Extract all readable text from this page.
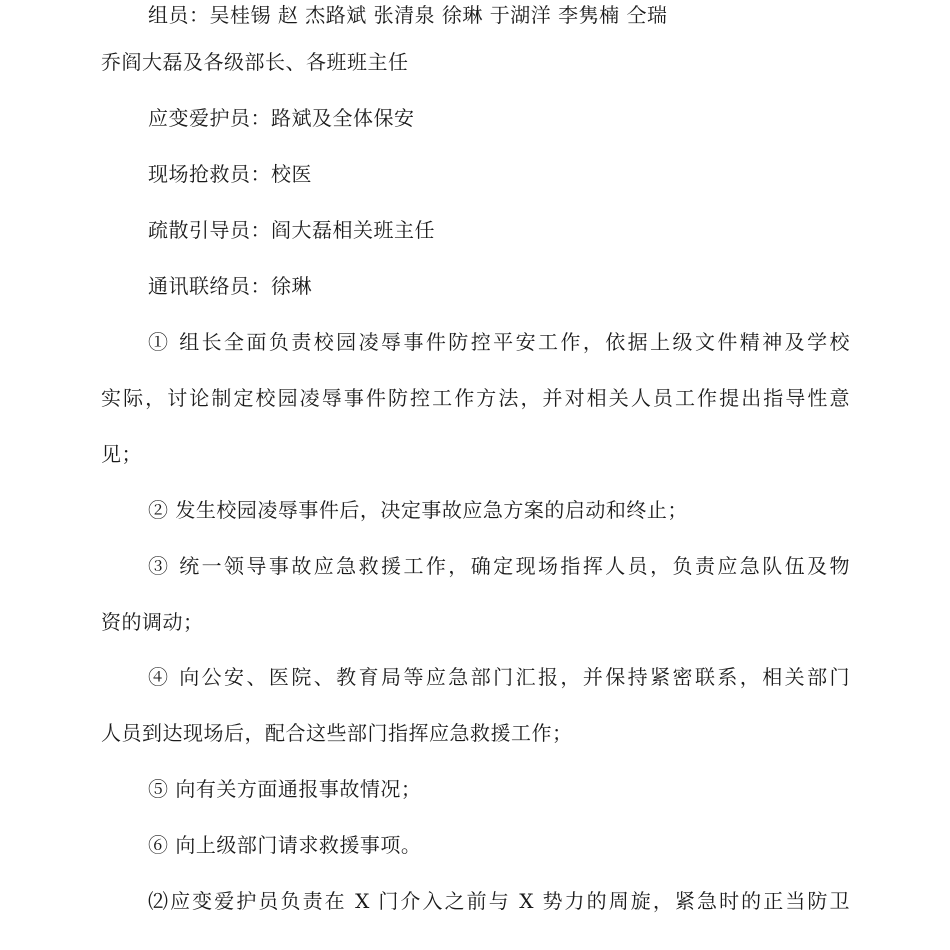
组员：吴桂锡 赵 杰路斌 张清泉 徐琳 于湖洋 李隽楠 仝瑞
乔阎大磊及各级部长、各班班主任
应变爱护员：路斌及全体保安
现场抢救员：校医
疏散引导员：阎大磊相关班主任
通讯联络员：徐琳
① 组长全面负责校园凌辱事件防控平安工作，依据上级文件精神及学校
实际，讨论制定校园凌辱事件防控工作方法，并对相关人员工作提出指导性意
见；
② 发生校园凌辱事件后，决定事故应急方案的启动和终止；
③ 统一领导事故应急救援工作，确定现场指挥人员，负责应急队伍及物
资的调动；
④ 向公安、医院、教育局等应急部门汇报，并保持紧密联系，相关部门
人员到达现场后，配合这些部门指挥应急救援工作；
⑤ 向有关方面通报事故情况；
⑥ 向上级部门请求救援事项。
⑵应变爱护员负责在 X 门介入之前与 X 势力的周旋，紧急时的正当防卫
